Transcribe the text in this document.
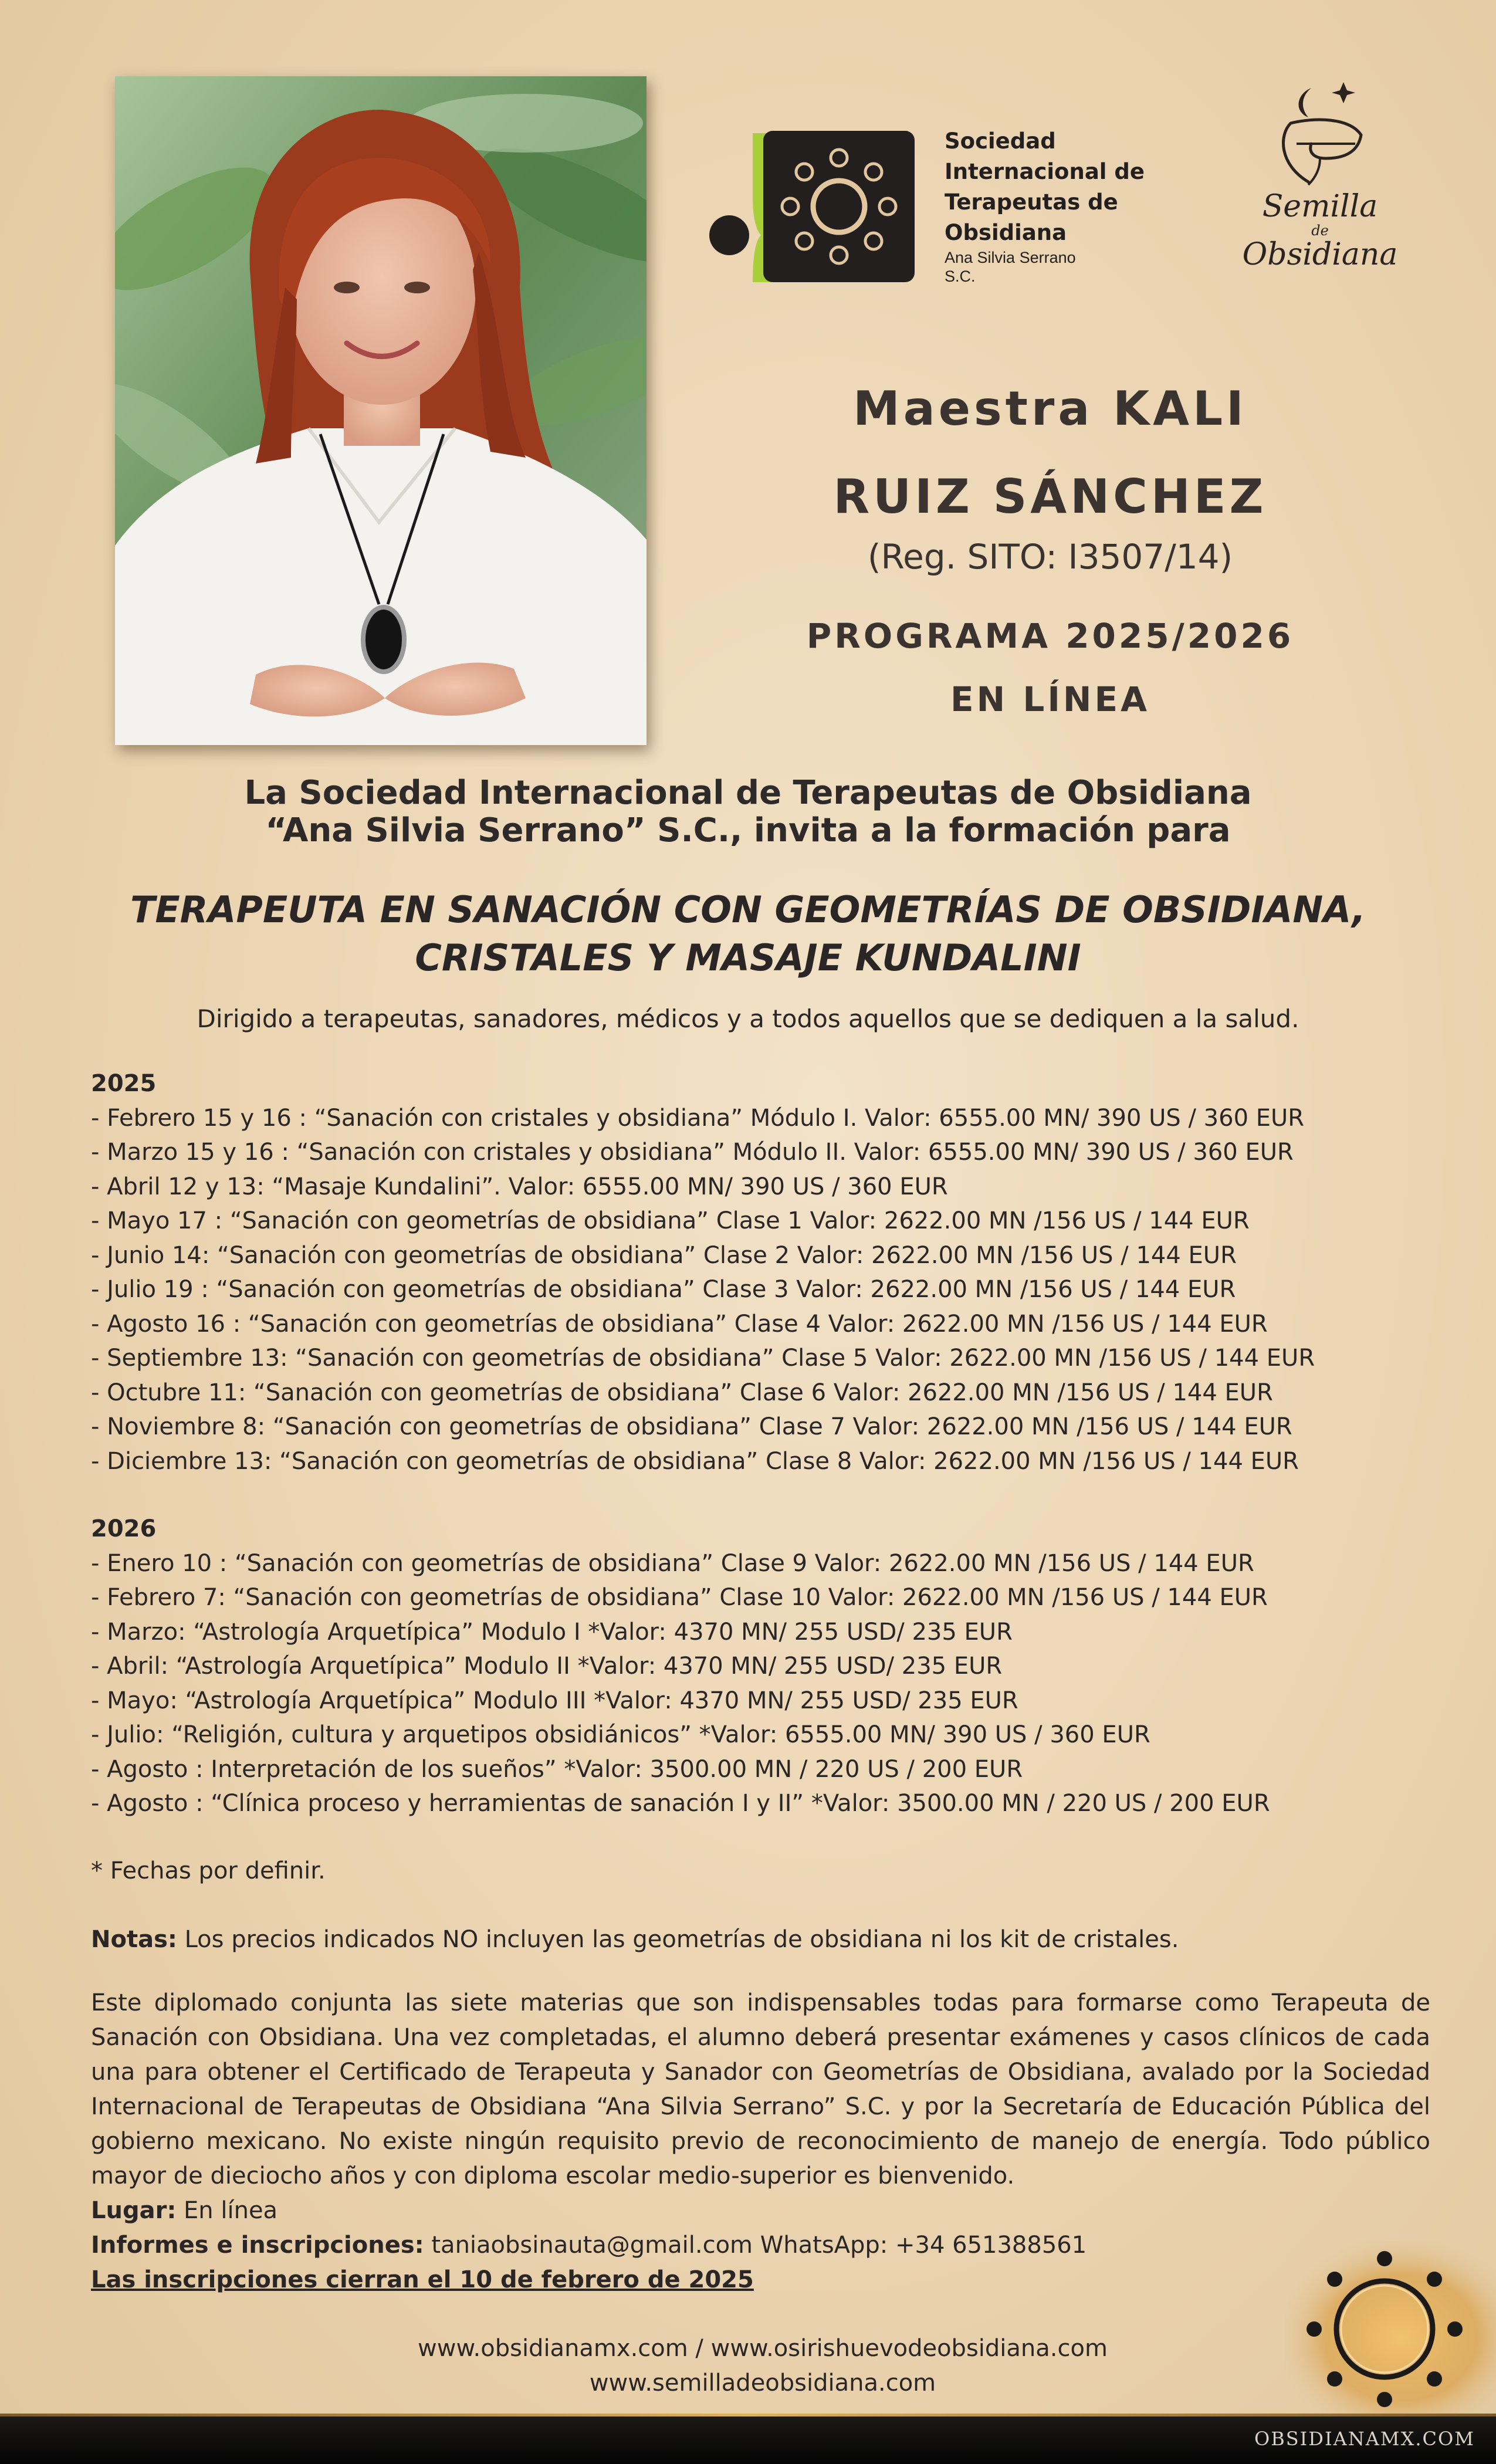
Sociedad

Internacional de

Terapeutas de

Obsidiana

Ana Silvia Serrano

S.C.

Semilla
de
Obsidiana
Maestra KALI
RUIZ SÁNCHEZ
(Reg. SITO: I3507/14)
PROGRAMA 2025/2026
EN LÍNEA
La Sociedad Internacional de Terapeutas de Obsidiana
“Ana Silvia Serrano” S.C., invita a la formación para
TERAPEUTA EN SANACIÓN CON GEOMETRÍAS DE OBSIDIANA,
CRISTALES Y MASAJE KUNDALINI
Dirigido a terapeutas, sanadores, médicos y a todos aquellos que se dediquen a la salud.
2025
- Febrero 15 y 16 : “Sanación con cristales y obsidiana” Módulo I. Valor: 6555.00 MN/ 390 US / 360 EUR
- Marzo 15 y 16 : “Sanación con cristales y obsidiana” Módulo II. Valor: 6555.00 MN/ 390 US / 360 EUR
- Abril 12 y 13: “Masaje Kundalini”. Valor: 6555.00 MN/ 390 US / 360 EUR
- Mayo 17 : “Sanación con geometrías de obsidiana” Clase 1 Valor: 2622.00 MN /156 US / 144 EUR
- Junio 14: “Sanación con geometrías de obsidiana” Clase 2 Valor: 2622.00 MN /156 US / 144 EUR
- Julio 19 : “Sanación con geometrías de obsidiana” Clase 3 Valor: 2622.00 MN /156 US / 144 EUR
- Agosto 16 : “Sanación con geometrías de obsidiana” Clase 4 Valor: 2622.00 MN /156 US / 144 EUR
- Septiembre 13: “Sanación con geometrías de obsidiana” Clase 5 Valor: 2622.00 MN /156 US / 144 EUR
- Octubre 11: “Sanación con geometrías de obsidiana” Clase 6 Valor: 2622.00 MN /156 US / 144 EUR
- Noviembre 8: “Sanación con geometrías de obsidiana” Clase 7 Valor: 2622.00 MN /156 US / 144 EUR
- Diciembre 13: “Sanación con geometrías de obsidiana” Clase 8 Valor: 2622.00 MN /156 US / 144 EUR
2026
- Enero 10 : “Sanación con geometrías de obsidiana” Clase 9 Valor: 2622.00 MN /156 US / 144 EUR
- Febrero 7: “Sanación con geometrías de obsidiana” Clase 10 Valor: 2622.00 MN /156 US / 144 EUR
- Marzo: “Astrología Arquetípica” Modulo I *Valor: 4370 MN/ 255 USD/ 235 EUR
- Abril: “Astrología Arquetípica” Modulo II *Valor: 4370 MN/ 255 USD/ 235 EUR
- Mayo: “Astrología Arquetípica” Modulo III *Valor: 4370 MN/ 255 USD/ 235 EUR
- Julio: “Religión, cultura y arquetipos obsidiánicos” *Valor: 6555.00 MN/ 390 US / 360 EUR
- Agosto : Interpretación de los sueños” *Valor: 3500.00 MN / 220 US / 200 EUR
- Agosto : “Clínica proceso y herramientas de sanación I y II” *Valor: 3500.00 MN / 220 US / 200 EUR
* Fechas por definir.
Notas: Los precios indicados NO incluyen las geometrías de obsidiana ni los kit de cristales.
Este diplomado conjunta las siete materias que son indispensables todas para formarse como Terapeuta de Sanación con Obsidiana. Una vez completadas, el alumno deberá presentar exámenes y casos clínicos de cada una para obtener el Certificado de Terapeuta y Sanador con Geometrías de Obsidiana, avalado por la Sociedad Internacional de Terapeutas de Obsidiana “Ana Silvia Serrano” S.C. y por la Secretaría de Educación Pública del gobierno mexicano. No existe ningún requisito previo de reconocimiento de manejo de energía. Todo público mayor de dieciocho años y con diploma escolar medio-superior es bienvenido.
Lugar: En línea
Informes e inscripciones: taniaobsinauta@gmail.com WhatsApp: +34 651388561
Las inscripciones cierran el 10 de febrero de 2025
www.obsidianamx.com / www.osirishuevodeobsidiana.com
www.semilladeobsidiana.com
OBSIDIANAMX.COM
